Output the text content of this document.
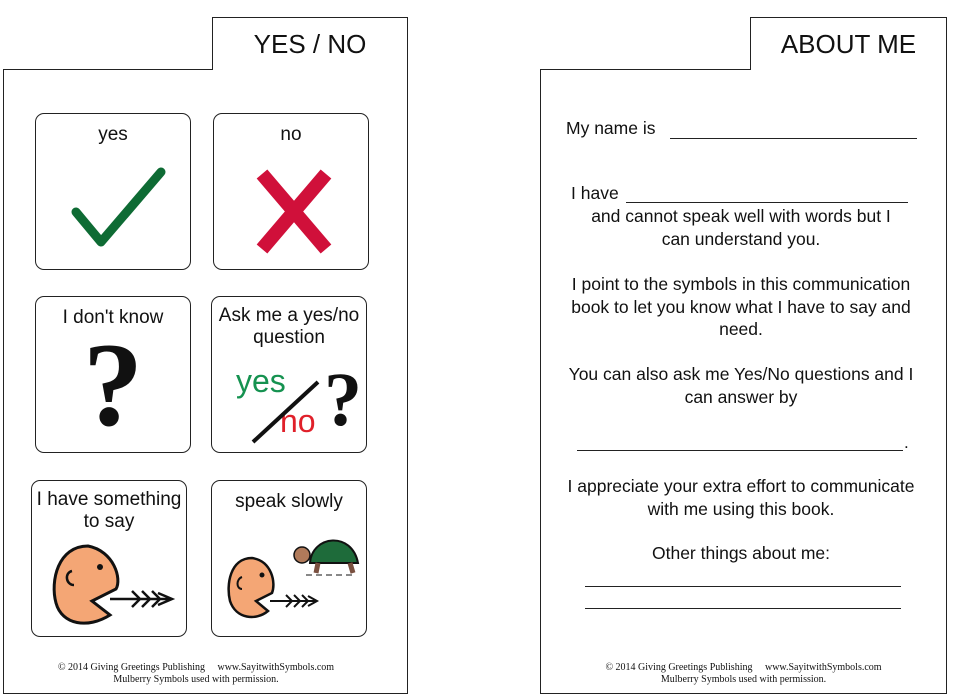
YES / NO
yes	no
I don't know
?
Ask me a yes/no question
yes
no ?
I have something to say
speak slowly
© 2014 Giving Greetings Publishing     www.SayitwithSymbols.com
Mulberry Symbols used with permission.
ABOUT ME
My name is
I have
and cannot speak well with words but I can understand you.
I point to the symbols in this communication book to let you know what I have to say and need.
You can also ask me Yes/No questions and I can answer by
.
I appreciate your extra effort to communicate with me using this book.
Other things about me:
© 2014 Giving Greetings Publishing     www.SayitwithSymbols.com
Mulberry Symbols used with permission.
